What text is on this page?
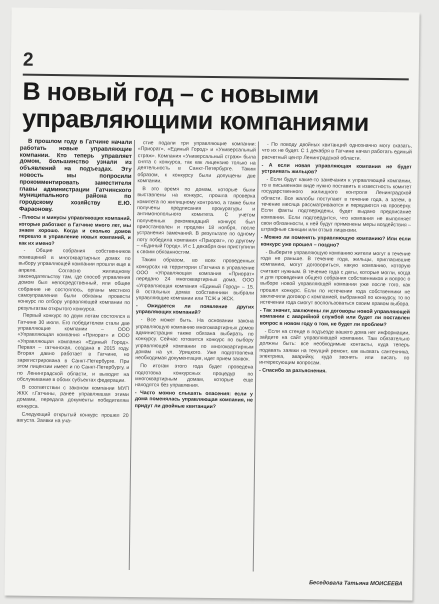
2
В новый год – с новыми управляющими компаниями

В прошлом году в Гатчине начали работать новые управляющие компании. Кто теперь управляет домом, большинство узнали из объявлений на подъездах. Эту новость мы попросили прокомментировать заместителя главы администрации Гатчинского муниципального района по городскому хозяйству Е.Ю. Фараонову.

- Плюсы и минусы управляющих компаний, которые работают в Гатчине много лет, мы знаем хорошо. Когда и сколько домов перешло в управление новых компаний, и как их имено?

- Общие собрания собственников помещений в многоквартирных домах по выбору управляющей компании прошли еще в апреле. Согласно жилищному законодательству там, где способ управления домом был непосредственный, или общее собрание не состоялось, органы местного самоуправления были обязаны провести конкурс по отбору управляющей компании по результатам открытого конкурса.

Первый конкурс по двум лотам состоялся в Гатчине 30 июля. Его победителем стали две управляющие компании – ООО «Управляющая компания «Приорат» и ООО «Управляющая компания «Единый Город». Первая – гатчинская, создана в 2015 году. Вторая давно работает в Гатчине, но зарегистрирована в Санкт-Петербурге. При этом лицензии имеет и по Санкт-Петербургу, и по Ленинградской области, и выходит на обслуживание в обоих субъектах федерации.

В соответствии с законом компании МУП ЖКХ г.Гатчины, ранее управлявшая этими домами, передала документы победителям конкурса.

Следующий открытый конкурс прошел 20 августа. Заявки на уча-

стие подали три управляющие компании: «Приорат», «Единый Город» и «Универсальный страж». Компания «Универсальный страж» была снята с конкурса, так как лицензию только на деятельность в Санкт-Петербурге. Таким образом, к конкурсу были допущены две компании.

В это время по домам, которые были выставлены на конкурс, прошла проверка комитета по жилищному контролю, а также были получены предписания прокуратуры и антимонопольного комитета. С учетом полученных рекомендаций конкурс был приостановлен и продлен 18 ноября, после устранения замечаний. В результате по одному лоту победила компания «Приорат», по другому – «Единый Город». И с 1 декабря они приступили к своим обязанностям.

Таким образом, во всех проведенных конкурсах на территории г.Гатчина в управление ООО «Управляющая компания «Приорат» передано 24 многоквартирных дома, ООО «Управляющая компания «Единый Город» – 15. В остальных домах собственники выбрали управляющие компании или ТСЖ и ЖСК.

- Ожидается ли появление других управляющих компаний?

- Все может быть. На основании закона управляющую компанию многоквартирных домов администрация также обязана выбирать по конкурсу. Сейчас готовится конкурс по выбору управляющей компании по многоквартирным домам на ул. Урицкого. Уже подготовлена необходимая документация, идет прием заявок.

По итогам этого года будет проведена подготовка конкурсных процедур по многоквартирным домам, которые еще находятся без управления.

- Часто можно слышать опасения: если у дома поменялась управляющая компания, не придут ли двойные квитанции?

- По поводу двойных квитанций однозначно могу сказать, что их не будет. С 1 декабря в Гатчине начал работать единый расчетный центр Ленинградской области.

- А если новая управляющая компания не будет устраивать жильцов?

- Если будут какие-то замечания к управляющей компании, то в письменном виде нужно поставить в известность комитет государственного жилищного контроля Ленинградской области. Все жалобы поступают в течение года, а затем, в течение месяца рассматриваются и передаются на проверку. Если факты подтверждены, будет выдано предписание компании. Если подтвердится, что компания не выполняет свои обязанности, к ней будут применены меры воздействия – штрафные санкции или отзыв лицензии.

- Можно ли поменять управляющую компанию? Или если конкурс уже прошел – поздно?

- Выберите управляющую компанию жители могут в течение года не раньше. В течение года, жильцы, пригласившие компанию, могут договориться, какую компанию, которую считают нужным. В течение года с даты, которые могли, когда и для проведения общего собрания собственников и вопрос о выборе новой управляющей компании уже после того, как прошел конкурс. Если по истечении года собственники не заключили договор с компанией, выбранной по конкурсу, то по истечении года смогут воспользоваться своим правом выбора.

- Так значит, заключены ли договоры новой управляющей компании с аварийной службой или будет ли поставлен вопрос в новом году о том, не будет ли проблем?

- Если на стенде в подъезде вашего дома нет информации, зайдите на сайт управляющей компании. Там обязательно должны быть: все необходимые контакты, куда теперь подавать заявки на текущий ремонт, как вызвать сантехника, электрика, аварийку, куда звонить или писать по интересующим вопросам.

- Спасибо за разъяснения.

Беседовала Татьяна МОИСЕЕВА
